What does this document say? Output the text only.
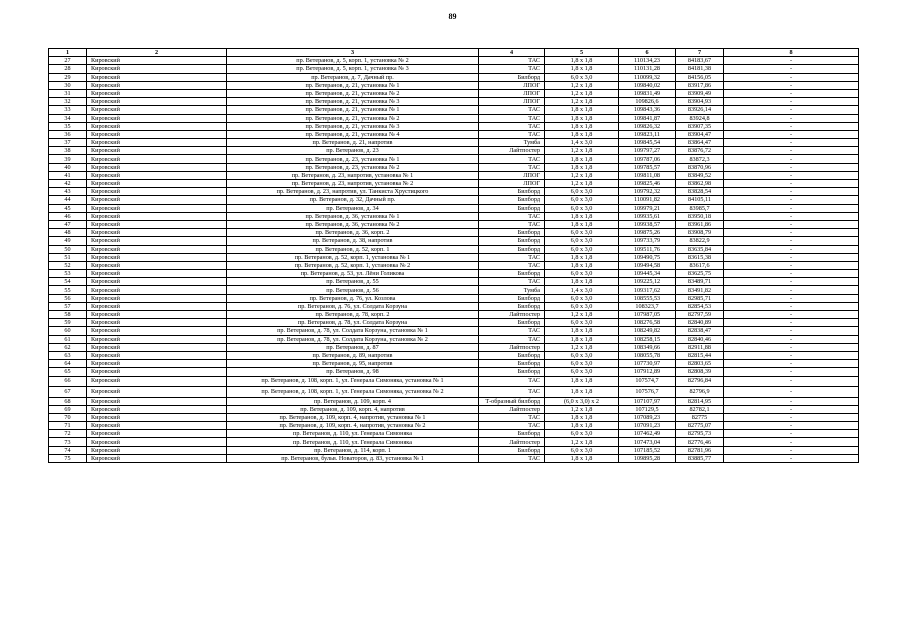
89
1	2	3	4	5	6	7	8
27	Кировский	пр. Ветеранов, д. 5, корп. 1, установка № 2	ТАС	1,8 х 1,8	110134,23	84183,67	-
28	Кировский	пр. Ветеранов, д. 5, корп. 1, установка № 3	ТАС	1,8 х 1,8	110131,28	84181,38	-
29	Кировский	пр. Ветеранов, д. 7, Дачный пр.	Билборд	6,0 х 3,0	110099,32	84156,05	-
30	Кировский	пр. Ветеранов, д. 21, установка № 1	ЛПОГ	1,2 х 1,8	109840,02	83917,86	-
31	Кировский	пр. Ветеранов, д. 21, установка № 2	ЛПОГ	1,2 х 1,8	109831,49	83909,49	-
32	Кировский	пр. Ветеранов, д. 21, установка № 3	ЛПОГ	1,2 х 1,8	109826,6	83904,93	-
33	Кировский	пр. Ветеранов, д. 21, установка № 1	ТАС	1,8 х 1,8	109843,36	83926,14	-
34	Кировский	пр. Ветеранов, д. 21, установка № 2	ТАС	1,8 х 1,8	109841,87	83924,8	-
35	Кировский	пр. Ветеранов, д. 21, установка № 3	ТАС	1,8 х 1,8	109826,32	83907,35	-
36	Кировский	пр. Ветеранов, д. 21, установка № 4	ТАС	1,8 х 1,8	109823,11	83904,47	-
37	Кировский	пр. Ветеранов, д. 21, напротив	Тумба	1,4 х 3,0	109845,54	83864,47	-
38	Кировский	пр. Ветеранов, д. 23	Лайтпостер	1,2 х 1,8	109797,27	83876,72	-
39	Кировский	пр. Ветеранов, д. 23, установка № 1	ТАС	1,8 х 1,8	109787,06	83872,3	-
40	Кировский	пр. Ветеранов, д. 23, установка № 2	ТАС	1,8 х 1,8	109785,57	83870,96	-
41	Кировский	пр. Ветеранов, д. 23, напротив, установка № 1	ЛПОГ	1,2 х 1,8	109811,08	83849,52	-
42	Кировский	пр. Ветеранов, д. 23, напротив, установка № 2	ЛПОГ	1,2 х 1,8	109825,46	83862,98	-
43	Кировский	пр. Ветеранов, д. 23, напротив, ул. Танкиста Хрустицкого	Билборд	6,0 х 3,0	109792,32	83828,54	-
44	Кировский	пр. Ветеранов, д. 32, Дачный пр.	Билборд	6,0 х 3,0	110091,82	84105,11	-
45	Кировский	пр. Ветеранов, д. 34	Билборд	6,0 х 3,0	109979,21	83985,7	-
46	Кировский	пр. Ветеранов, д. 36, установка № 1	ТАС	1,8 х 1,8	109935,61	83950,18	-
47	Кировский	пр. Ветеранов, д. 36, установка № 2	ТАС	1,8 х 1,8	109938,57	83961,86	-
48	Кировский	пр. Ветеранов, д. 36, корп. 2	Билборд	6,0 х 3,0	109875,26	83908,79	-
49	Кировский	пр. Ветеранов, д. 38, напротив	Билборд	6,0 х 3,0	109733,79	83822,9	-
50	Кировский	пр. Ветеранов, д. 52, корп. 1	Билборд	6,0 х 3,0	109511,76	83635,84	-
51	Кировский	пр. Ветеранов, д. 52, корп. 1, установка № 1	ТАС	1,8 х 1,8	109490,75	83615,38	-
52	Кировский	пр. Ветеранов, д. 52, корп. 1, установка № 2	ТАС	1,8 х 1,8	109494,58	83617,6	-
53	Кировский	пр. Ветеранов, д. 53, ул. Лёни Голикова	Билборд	6,0 х 3,0	109445,34	83625,75	-
54	Кировский	пр. Ветеранов, д. 55	ТАС	1,8 х 1,8	109225,12	83489,71	-
55	Кировский	пр. Ветеранов, д. 56	Тумба	1,4 х 3,0	109317,62	83491,82	-
56	Кировский	пр. Ветеранов, д. 76, ул. Козлова	Билборд	6,0 х 3,0	108555,53	82985,71	-
57	Кировский	пр. Ветеранов, д. 76, ул. Солдата Корзуна	Билборд	6,0 х 3,0	108323,7	82854,53	-
58	Кировский	пр. Ветеранов, д. 78, корп. 2	Лайтпостер	1,2 х 1,8	107987,05	82797,59	-
59	Кировский	пр. Ветеранов, д. 78, ул. Солдата Корзуна	Билборд	6,0 х 3,0	108276,58	82840,89	-
60	Кировский	пр. Ветеранов, д. 78, ул. Солдата Корзуна, установка № 1	ТАС	1,8 х 1,8	108249,82	82838,47	-
61	Кировский	пр. Ветеранов, д. 78, ул. Солдата Корзуна, установка № 2	ТАС	1,8 х 1,8	108258,15	82840,46	-
62	Кировский	пр. Ветеранов, д. 87	Лайтпостер	1,2 х 1,8	108349,66	82911,88	-
63	Кировский	пр. Ветеранов, д. 89, напротив	Билборд	6,0 х 3,0	108055,78	82815,44	-
64	Кировский	пр. Ветеранов, д. 95, напротив	Билборд	6,0 х 3,0	107730,97	82803,65	-
65	Кировский	пр. Ветеранов, д. 98	Билборд	6,0 х 3,0	107912,89	82808,39	-
66	Кировский	пр. Ветеранов, д. 108, корп. 1, ул. Генерала Симоняка, установка № 1	ТАС	1,8 х 1,8	107574,7	82796,84	-
67	Кировский	пр. Ветеранов, д. 108, корп. 1, ул. Генерала Симоняка, установка № 2	ТАС	1,8 х 1,8	107576,7	82796,9	-
68	Кировский	пр. Ветеранов, д. 109, корп. 4	Т-образный билборд	(6,0 х 3,0) х 2	107107,97	82814,95	-
69	Кировский	пр. Ветеранов, д. 109, корп. 4, напротив	Лайтпостер	1,2 х 1,8	107129,5	82782,1	-
70	Кировский	пр. Ветеранов, д. 109, корп. 4, напротив, установка № 1	ТАС	1,8 х 1,8	107089,23	82775	-
71	Кировский	пр. Ветеранов, д. 109, корп. 4, напротив, установка № 2	ТАС	1,8 х 1,8	107091,23	82775,07	-
72	Кировский	пр. Ветеранов, д. 110, ул. Генерала Симоняка	Билборд	6,0 х 3,0	107462,49	82795,73	-
73	Кировский	пр. Ветеранов, д. 110, ул. Генерала Симоняка	Лайтпостер	1,2 х 1,8	107473,04	82776,46	-
74	Кировский	пр. Ветеранов, д. 114, корп. 1	Билборд	6,0 х 3,0	107185,52	82781,96	-
75	Кировский	пр. Ветеранов, бульв. Новаторов, д. 83, установка № 1	ТАС	1,8 х 1,8	109895,28	83885,77	-
